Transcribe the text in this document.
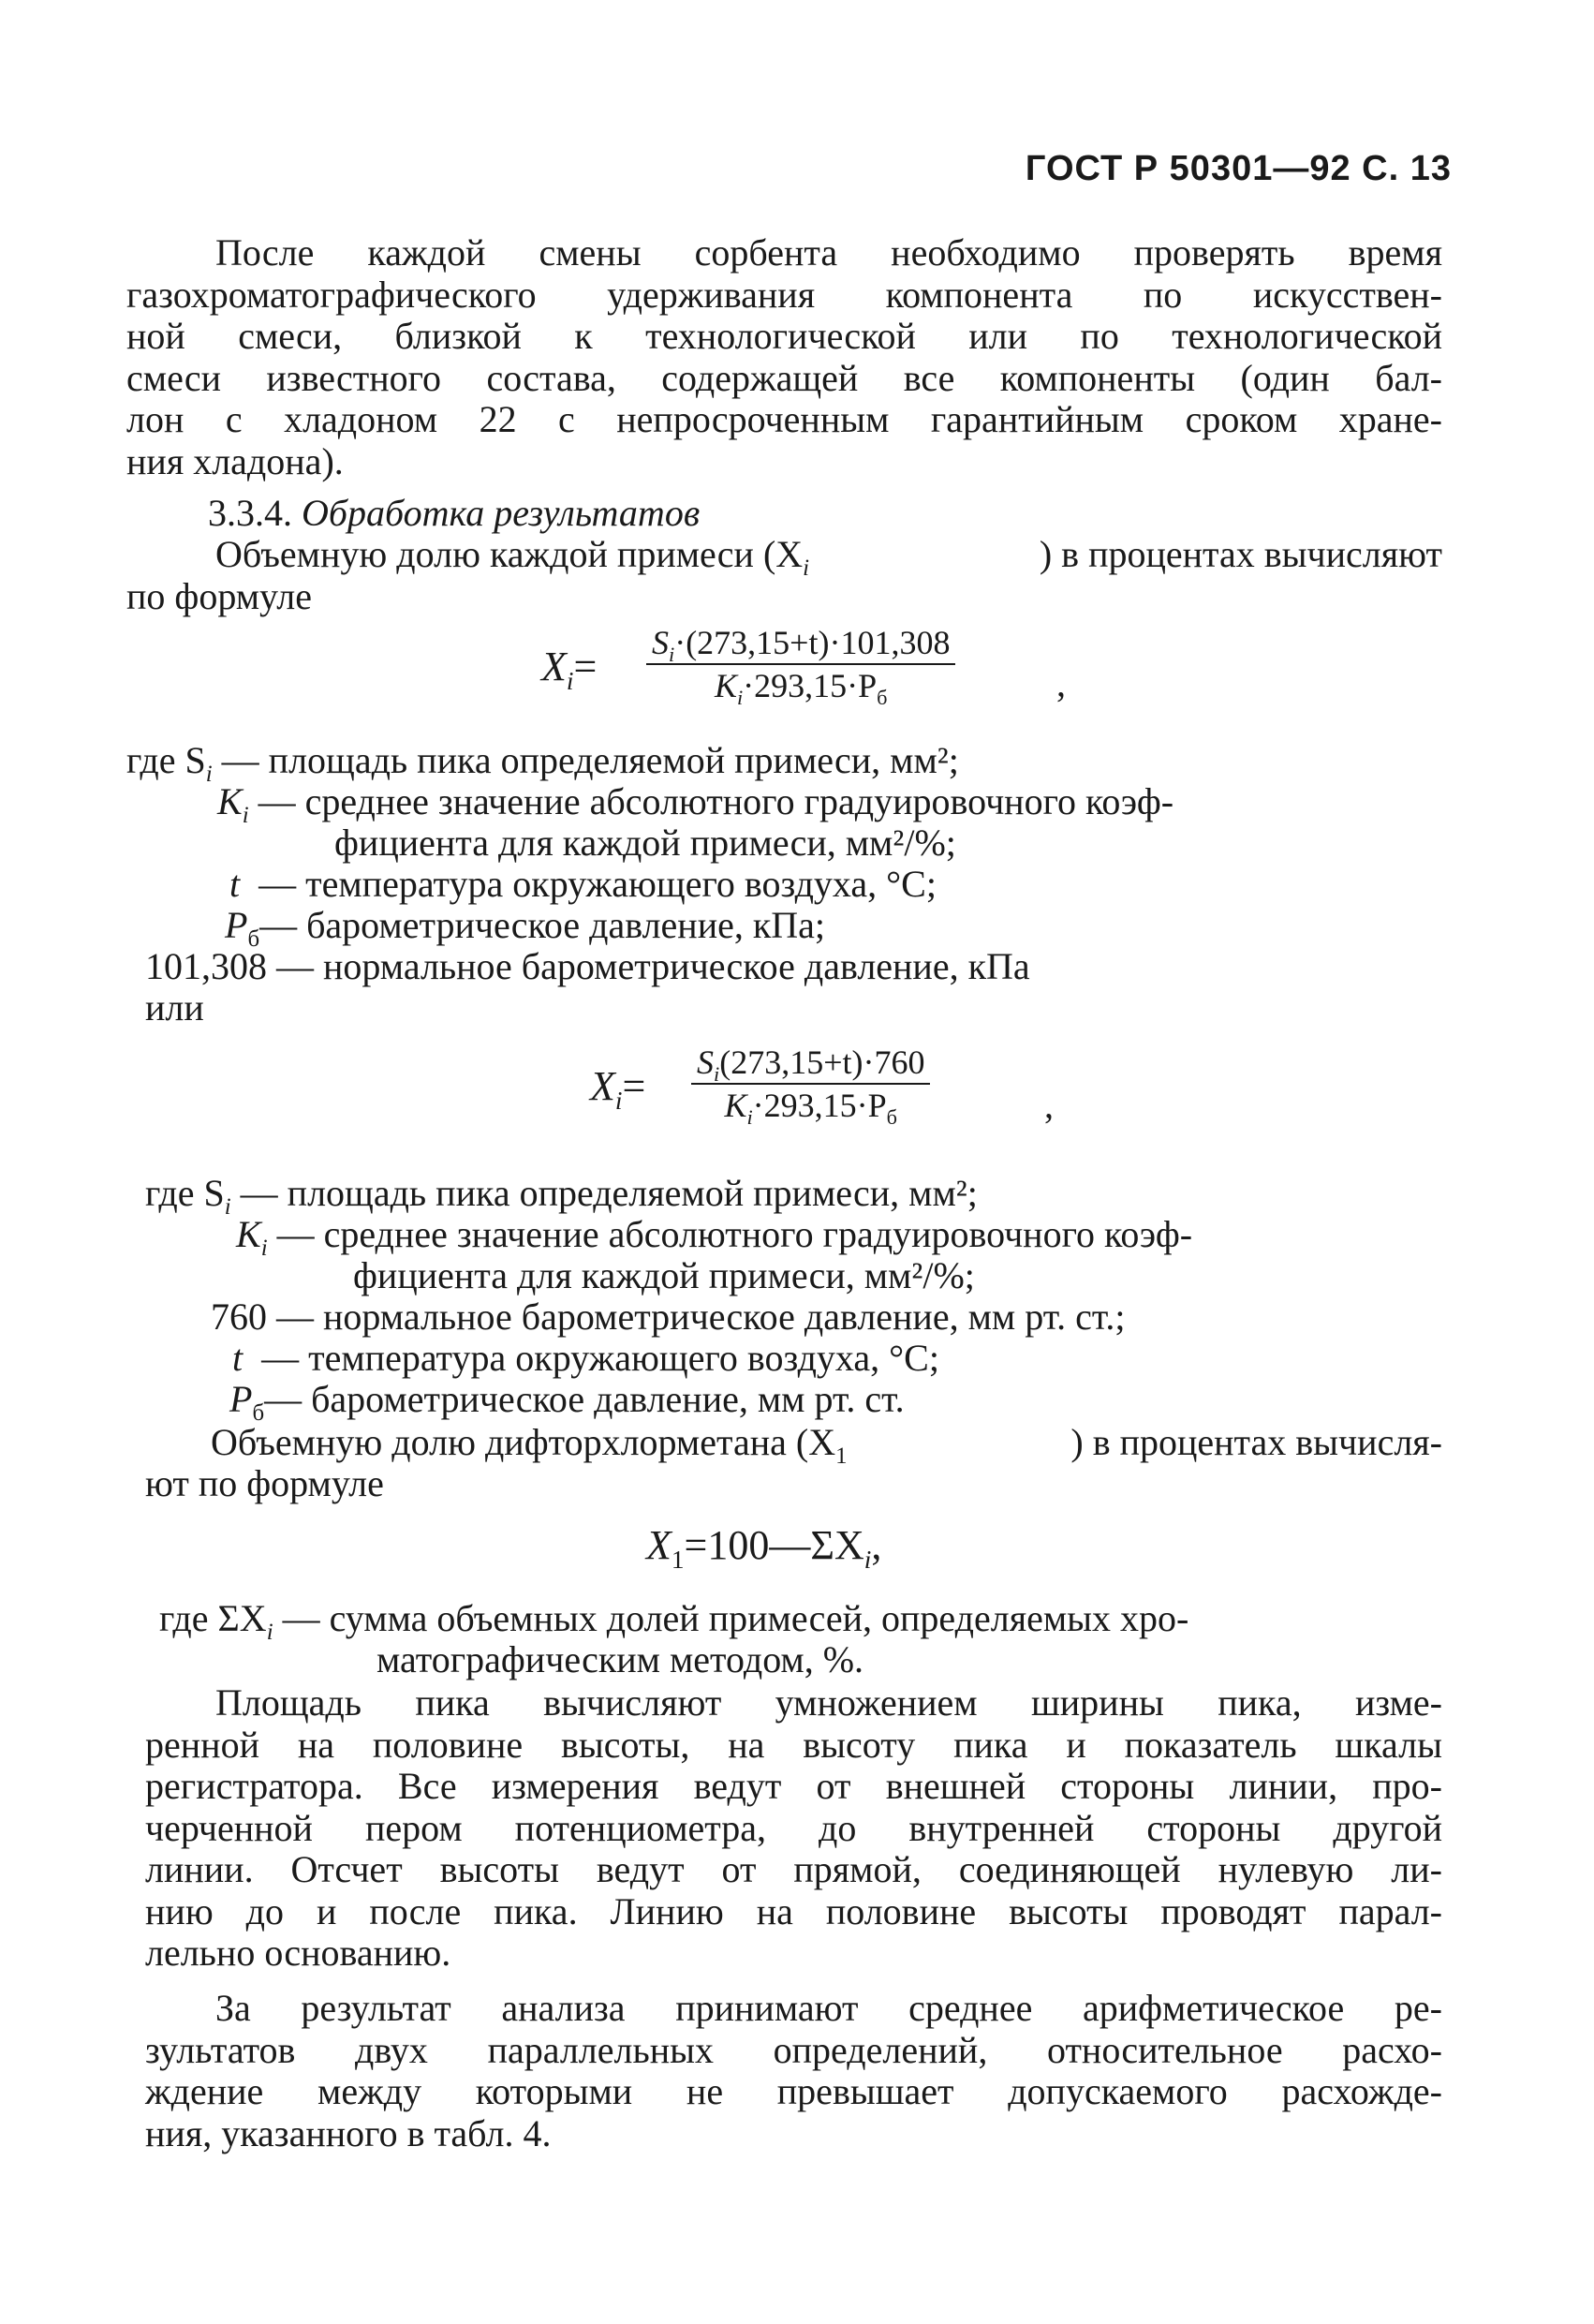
ГОСТ Р 50301—92 С. 13
После каждой смены сорбента необходимо проверять время
газохроматографического удерживания компонента по искусствен-
ной смеси, близкой к технологической или по технологической
смеси известного состава, содержащей все компоненты (один бал-
лон с хладоном 22 с непросроченным гарантийным сроком хране-
ния хладона).
3.3.4. Обработка результатов
Объемную долю каждой примеси ($X_i$	) в процентах вычисляют
по формуле
$X_i=$
$S_i\cdot(273,15+t)\cdot 101,308$
$K_i\cdot 293,15\cdot P_б$	,
где $S_i$ — площадь пика определяемой примеси, мм²;
$K_i$ — среднее значение абсолютного градуировочного коэф-
фициента для каждой примеси, мм²/%;
t — температура окружающего воздуха, °С;
$P_б—$ барометрическое давление, кПа;
101,308 — нормальное барометрическое давление, кПа
или
$X_i=$
$S_i(273,15+t)\cdot 760$
$K_i\cdot 293,15\cdot P_б$	,
где $S_i$ — площадь пика определяемой примеси, мм²;
$K_i$ — среднее значение абсолютного градуировочного коэф-
фициента для каждой примеси, мм²/%;
760 — нормальное барометрическое давление, мм рт. ст.;
t — температура окружающего воздуха, °С;
$P_б—$ барометрическое давление, мм рт. ст.
Объемную долю дифторхлорметана ($X_1$	) в процентах вычисля-
ют по формуле
$X_1=100—\Sigma X_i$,
где $\Sigma X_i$ — сумма объемных долей примесей, определяемых хро-
матографическим методом, %.
Площадь пика вычисляют умножением ширины пика, изме-
ренной на половине высоты, на высоту пика и показатель шкалы
регистратора. Все измерения ведут от внешней стороны линии, про-
черченной пером потенциометра, до внутренней стороны другой
линии. Отсчет высоты ведут от прямой, соединяющей нулевую ли-
нию до и после пика. Линию на половине высоты проводят парал-
лельно основанию.
За результат анализа принимают среднее арифметическое ре-
зультатов двух параллельных определений, относительное расхо-
ждение между которыми не превышает допускаемого расхожде-
ния, указанного в табл. 4.
